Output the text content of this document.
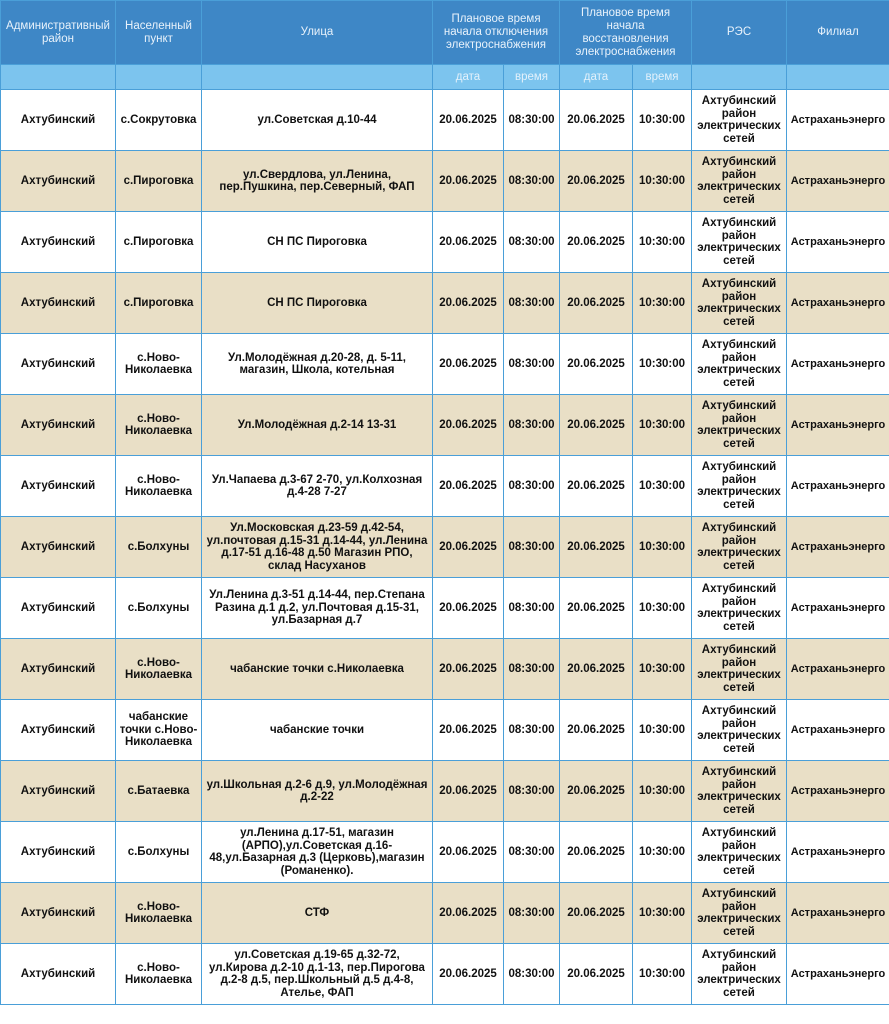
Административный район	Населенный пункт	Улица	Плановое время начала отключения электроснабжения		Плановое время начала восстановления электроснабжения		РЭС	Филиал
			дата	время	дата	время		
Ахтубинский	с.Сокрутовка	ул.Советская д.10-44	20.06.2025	08:30:00	20.06.2025	10:30:00	Ахтубинский район электрических сетей	Астраханьэнерго
Ахтубинский	с.Пироговка	ул.Свердлова, ул.Ленина, пер.Пушкина, пер.Северный, ФАП	20.06.2025	08:30:00	20.06.2025	10:30:00	Ахтубинский район электрических сетей	Астраханьэнерго
Ахтубинский	с.Пироговка	СН ПС Пироговка	20.06.2025	08:30:00	20.06.2025	10:30:00	Ахтубинский район электрических сетей	Астраханьэнерго
Ахтубинский	с.Пироговка	СН ПС Пироговка	20.06.2025	08:30:00	20.06.2025	10:30:00	Ахтубинский район электрических сетей	Астраханьэнерго
Ахтубинский	с.Ново-Николаевка	Ул.Молодёжная д.20-28, д. 5-11, магазин, Школа, котельная	20.06.2025	08:30:00	20.06.2025	10:30:00	Ахтубинский район электрических сетей	Астраханьэнерго
Ахтубинский	с.Ново-Николаевка	Ул.Молодёжная д.2-14 13-31	20.06.2025	08:30:00	20.06.2025	10:30:00	Ахтубинский район электрических сетей	Астраханьэнерго
Ахтубинский	с.Ново-Николаевка	Ул.Чапаева д.3-67 2-70, ул.Колхозная д.4-28 7-27	20.06.2025	08:30:00	20.06.2025	10:30:00	Ахтубинский район электрических сетей	Астраханьэнерго
Ахтубинский	с.Болхуны	Ул.Московская д.23-59 д.42-54, ул.почтовая д.15-31 д.14-44, ул.Ленина д.17-51 д.16-48 д.50 Магазин РПО, склад Насуханов	20.06.2025	08:30:00	20.06.2025	10:30:00	Ахтубинский район электрических сетей	Астраханьэнерго
Ахтубинский	с.Болхуны	Ул.Ленина д.3-51 д.14-44, пер.Степана Разина д.1 д.2, ул.Почтовая д.15-31, ул.Базарная д.7	20.06.2025	08:30:00	20.06.2025	10:30:00	Ахтубинский район электрических сетей	Астраханьэнерго
Ахтубинский	с.Ново-Николаевка	чабанские точки с.Николаевка	20.06.2025	08:30:00	20.06.2025	10:30:00	Ахтубинский район электрических сетей	Астраханьэнерго
Ахтубинский	чабанские точки с.Ново-Николаевка	чабанские точки	20.06.2025	08:30:00	20.06.2025	10:30:00	Ахтубинский район электрических сетей	Астраханьэнерго
Ахтубинский	с.Батаевка	ул.Школьная д.2-6 д.9, ул.Молодёжная д.2-22	20.06.2025	08:30:00	20.06.2025	10:30:00	Ахтубинский район электрических сетей	Астраханьэнерго
Ахтубинский	с.Болхуны	ул.Ленина д.17-51, магазин (АРПО),ул.Советская д.16-48,ул.Базарная д.3 (Церковь),магазин (Романенко).	20.06.2025	08:30:00	20.06.2025	10:30:00	Ахтубинский район электрических сетей	Астраханьэнерго
Ахтубинский	с.Ново-Николаевка	СТФ	20.06.2025	08:30:00	20.06.2025	10:30:00	Ахтубинский район электрических сетей	Астраханьэнерго
Ахтубинский	с.Ново-Николаевка	ул.Советская д.19-65 д.32-72, ул.Кирова д.2-10 д.1-13, пер.Пирогова д.2-8 д.5, пер.Школьный д.5 д.4-8, Ателье, ФАП	20.06.2025	08:30:00	20.06.2025	10:30:00	Ахтубинский район электрических сетей	Астраханьэнерго
